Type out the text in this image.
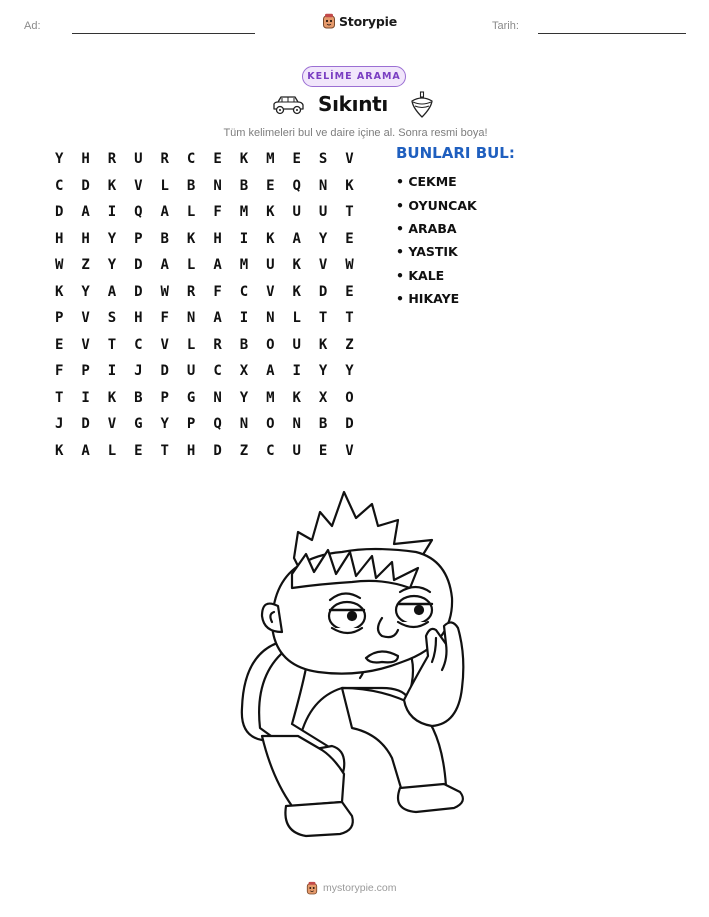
Ad:	Storypie	Tarih:
KELİME ARAMA
Sıkıntı
Tüm kelimeleri bul ve daire içine al. Sonra resmi boya!
Y	H	R	U	R	C	E	K	M	E	S	V
C	D	K	V	L	B	N	B	E	Q	N	K
D	A	I	Q	A	L	F	M	K	U	U	T
H	H	Y	P	B	K	H	I	K	A	Y	E
W	Z	Y	D	A	L	A	M	U	K	V	W
K	Y	A	D	W	R	F	C	V	K	D	E
P	V	S	H	F	N	A	I	N	L	T	T
E	V	T	C	V	L	R	B	O	U	K	Z
F	P	I	J	D	U	C	X	A	I	Y	Y
T	I	K	B	P	G	N	Y	M	K	X	O
J	D	V	G	Y	P	Q	N	O	N	B	D
K	A	L	E	T	H	D	Z	C	U	E	V
BUNLARI BUL:
• CEKME
• OYUNCAK
• ARABA
• YASTIK
• KALE
• HIKAYE
mystorypie.com
